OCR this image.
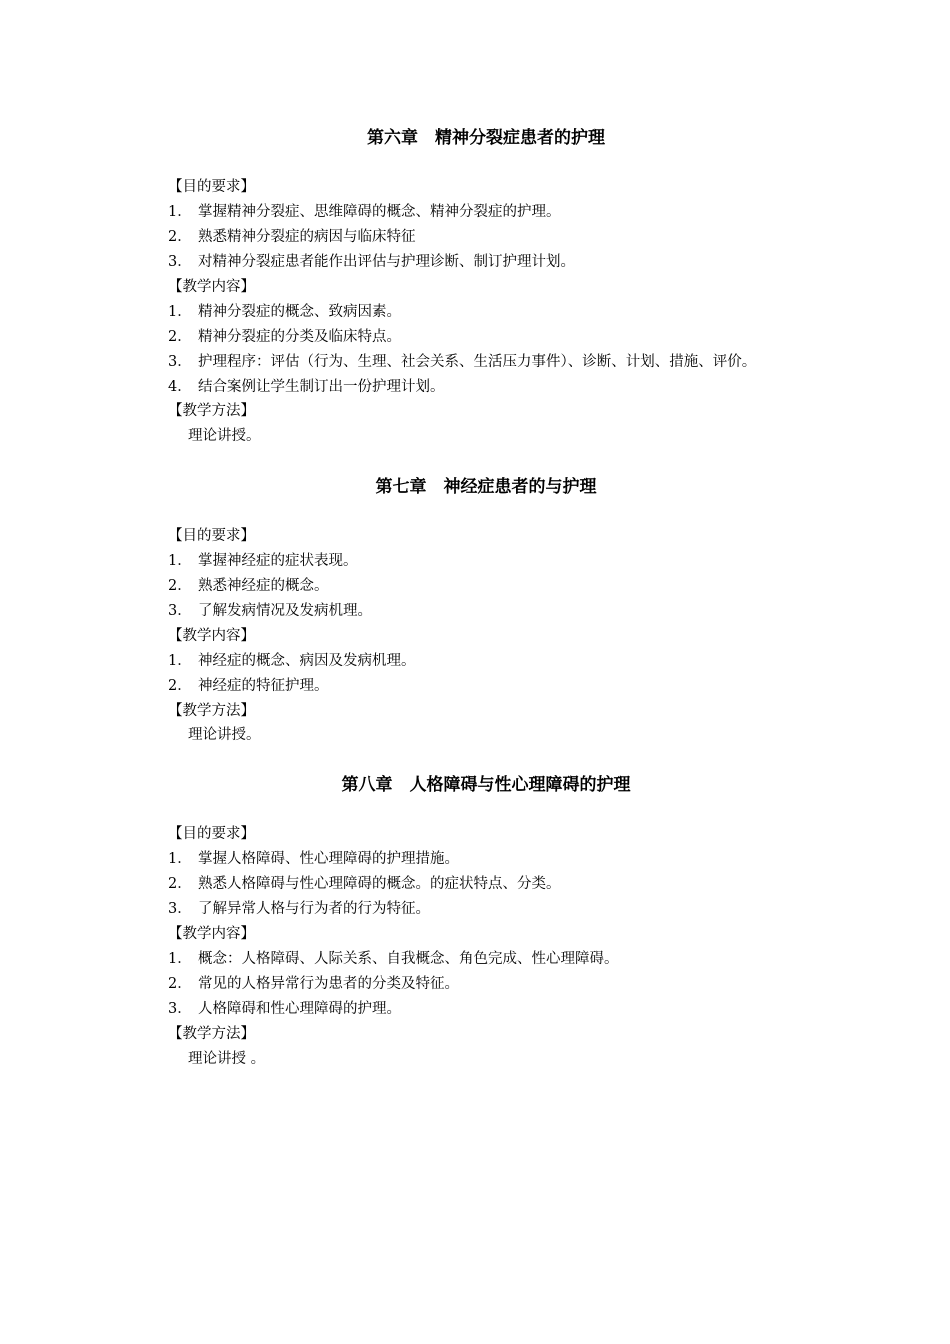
第六章　精神分裂症患者的护理
【目的要求】
1． 掌握精神分裂症、思维障碍的概念、精神分裂症的护理。
2． 熟悉精神分裂症的病因与临床特征
3． 对精神分裂症患者能作出评估与护理诊断、制订护理计划。
【教学内容】
1． 精神分裂症的概念、致病因素。
2． 精神分裂症的分类及临床特点。
3． 护理程序：评估（行为、生理、社会关系、生活压力事件）、诊断、计划、措施、评价。
4． 结合案例让学生制订出一份护理计划。
【教学方法】
理论讲授。
第七章　神经症患者的与护理
【目的要求】
1． 掌握神经症的症状表现。
2． 熟悉神经症的概念。
3． 了解发病情况及发病机理。
【教学内容】
1． 神经症的概念、病因及发病机理。
2． 神经症的特征护理。
【教学方法】
理论讲授。
第八章　人格障碍与性心理障碍的护理
【目的要求】
1． 掌握人格障碍、性心理障碍的护理措施。
2． 熟悉人格障碍与性心理障碍的概念。的症状特点、分类。
3． 了解异常人格与行为者的行为特征。
【教学内容】
1． 概念：人格障碍、人际关系、自我概念、角色完成、性心理障碍。
2． 常见的人格异常行为患者的分类及特征。
3． 人格障碍和性心理障碍的护理。
【教学方法】
理论讲授 。
